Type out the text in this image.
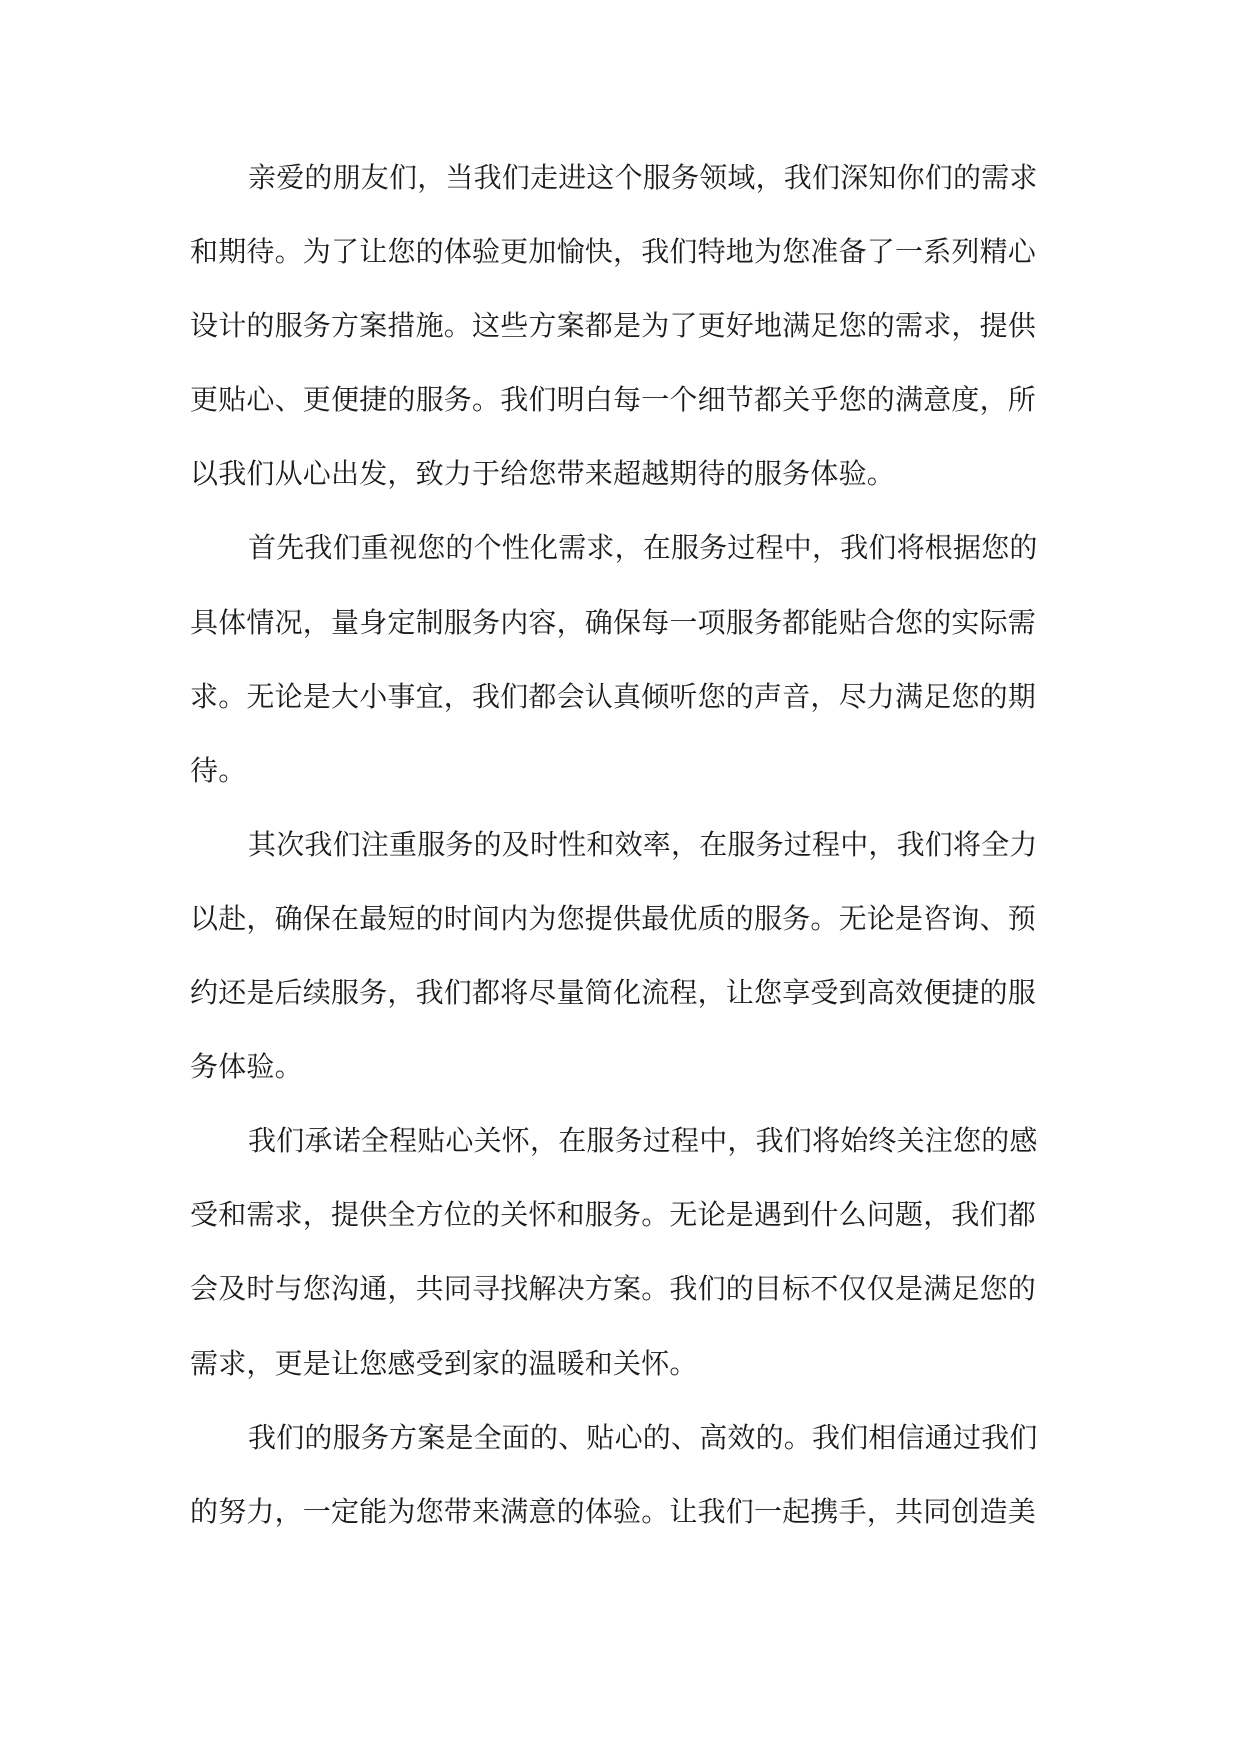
亲爱的朋友们，当我们走进这个服务领域，我们深知你们的需求
和期待。为了让您的体验更加愉快，我们特地为您准备了一系列精心
设计的服务方案措施。这些方案都是为了更好地满足您的需求，提供
更贴心、更便捷的服务。我们明白每一个细节都关乎您的满意度，所
以我们从心出发，致力于给您带来超越期待的服务体验。
首先我们重视您的个性化需求，在服务过程中，我们将根据您的
具体情况，量身定制服务内容，确保每一项服务都能贴合您的实际需
求。无论是大小事宜，我们都会认真倾听您的声音，尽力满足您的期
待。
其次我们注重服务的及时性和效率，在服务过程中，我们将全力
以赴，确保在最短的时间内为您提供最优质的服务。无论是咨询、预
约还是后续服务，我们都将尽量简化流程，让您享受到高效便捷的服
务体验。
我们承诺全程贴心关怀，在服务过程中，我们将始终关注您的感
受和需求，提供全方位的关怀和服务。无论是遇到什么问题，我们都
会及时与您沟通，共同寻找解决方案。我们的目标不仅仅是满足您的
需求，更是让您感受到家的温暖和关怀。
我们的服务方案是全面的、贴心的、高效的。我们相信通过我们
的努力，一定能为您带来满意的体验。让我们一起携手，共同创造美
